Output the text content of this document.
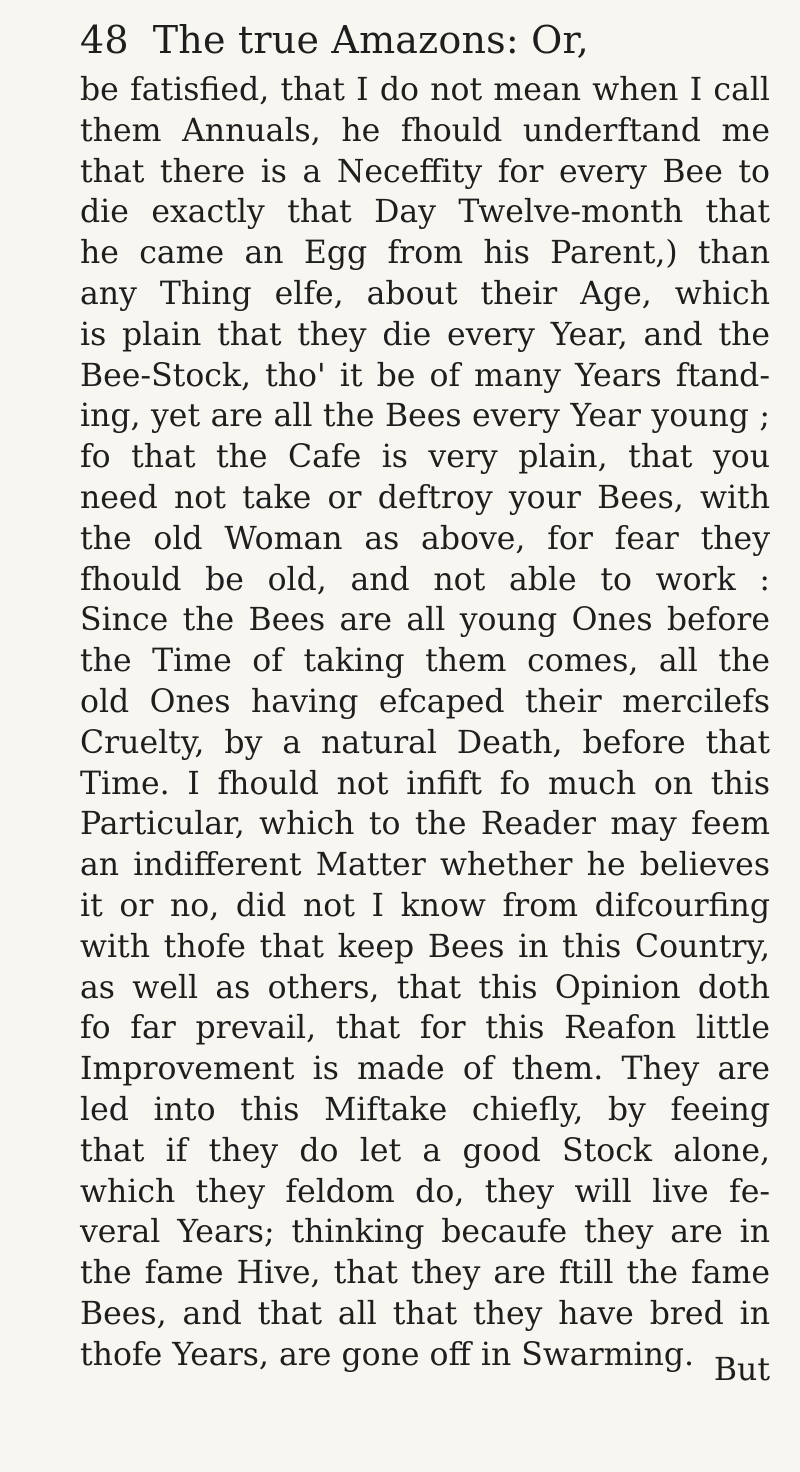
48 The true Amazons: Or,
be fatisfied, that I do not mean when I call
them Annuals, he fhould underftand me
that there is a Neceffity for every Bee to
die exactly that Day Twelve-month that
he came an Egg from his Parent,) than
any Thing elfe, about their Age, which
is plain that they die every Year, and the
Bee-Stock, tho' it be of many Years ftand-
ing, yet are all the Bees every Year young ;
fo that the Cafe is very plain, that you
need not take or deftroy your Bees, with
the old Woman as above, for fear they
fhould be old, and not able to work :
Since the Bees are all young Ones before
the Time of taking them comes, all the
old Ones having efcaped their mercilefs
Cruelty, by a natural Death, before that
Time. I fhould not infift fo much on this
Particular, which to the Reader may feem
an indifferent Matter whether he believes
it or no, did not I know from difcourfing
with thofe that keep Bees in this Country,
as well as others, that this Opinion doth
fo far prevail, that for this Reafon little
Improvement is made of them. They are
led into this Miftake chiefly, by feeing
that if they do let a good Stock alone,
which they feldom do, they will live fe-
veral Years; thinking becaufe they are in
the fame Hive, that they are ftill the fame
Bees, and that all that they have bred in
thofe Years, are gone off in Swarming. But
